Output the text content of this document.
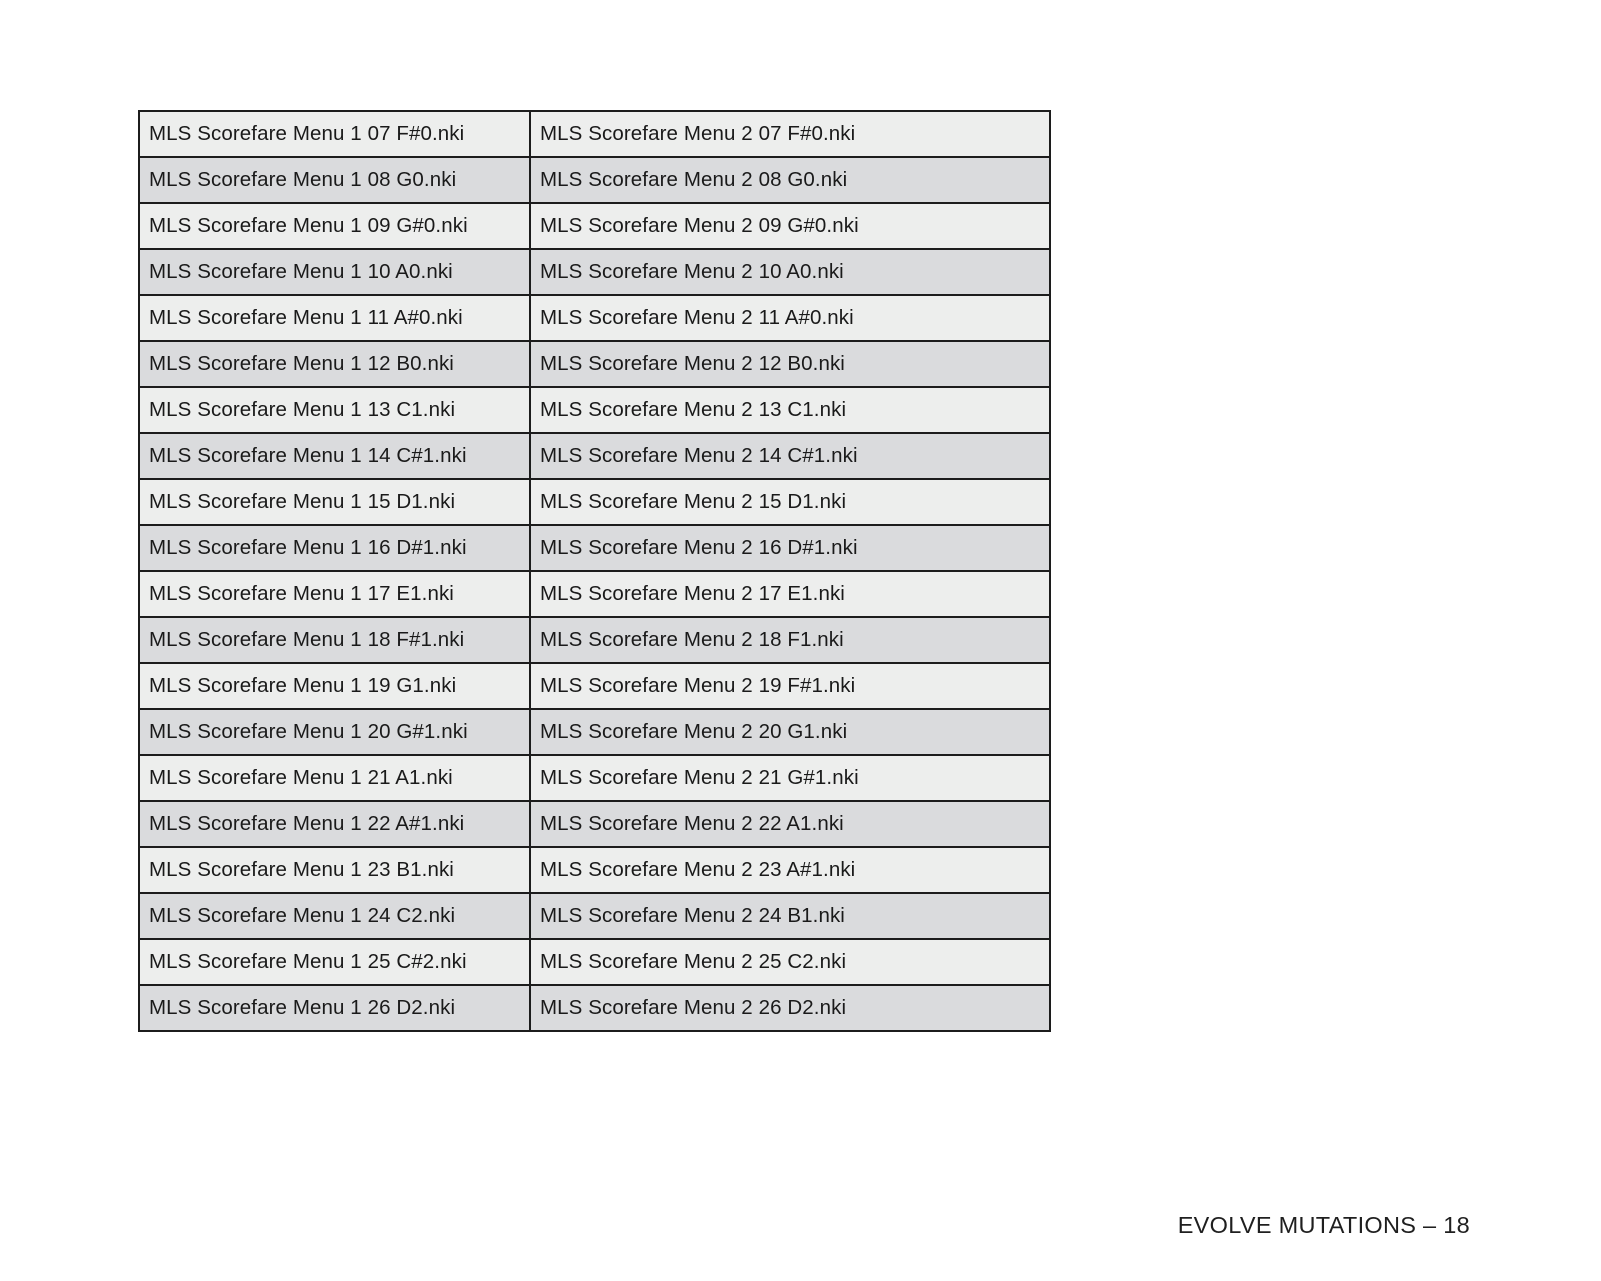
MLS Scorefare Menu 1 07 F#0.nki	MLS Scorefare Menu 2 07 F#0.nki
MLS Scorefare Menu 1 08 G0.nki	MLS Scorefare Menu 2 08 G0.nki
MLS Scorefare Menu 1 09 G#0.nki	MLS Scorefare Menu 2 09 G#0.nki
MLS Scorefare Menu 1 10 A0.nki	MLS Scorefare Menu 2 10 A0.nki
MLS Scorefare Menu 1 11 A#0.nki	MLS Scorefare Menu 2 11 A#0.nki
MLS Scorefare Menu 1 12 B0.nki	MLS Scorefare Menu 2 12 B0.nki
MLS Scorefare Menu 1 13 C1.nki	MLS Scorefare Menu 2 13 C1.nki
MLS Scorefare Menu 1 14 C#1.nki	MLS Scorefare Menu 2 14 C#1.nki
MLS Scorefare Menu 1 15 D1.nki	MLS Scorefare Menu 2 15 D1.nki
MLS Scorefare Menu 1 16 D#1.nki	MLS Scorefare Menu 2 16 D#1.nki
MLS Scorefare Menu 1 17 E1.nki	MLS Scorefare Menu 2 17 E1.nki
MLS Scorefare Menu 1 18 F#1.nki	MLS Scorefare Menu 2 18 F1.nki
MLS Scorefare Menu 1 19 G1.nki	MLS Scorefare Menu 2 19 F#1.nki
MLS Scorefare Menu 1 20 G#1.nki	MLS Scorefare Menu 2 20 G1.nki
MLS Scorefare Menu 1 21 A1.nki	MLS Scorefare Menu 2 21 G#1.nki
MLS Scorefare Menu 1 22 A#1.nki	MLS Scorefare Menu 2 22 A1.nki
MLS Scorefare Menu 1 23 B1.nki	MLS Scorefare Menu 2 23 A#1.nki
MLS Scorefare Menu 1 24 C2.nki	MLS Scorefare Menu 2 24 B1.nki
MLS Scorefare Menu 1 25 C#2.nki	MLS Scorefare Menu 2 25 C2.nki
MLS Scorefare Menu 1 26 D2.nki	MLS Scorefare Menu 2 26 D2.nki
EVOLVE MUTATIONS – 18
